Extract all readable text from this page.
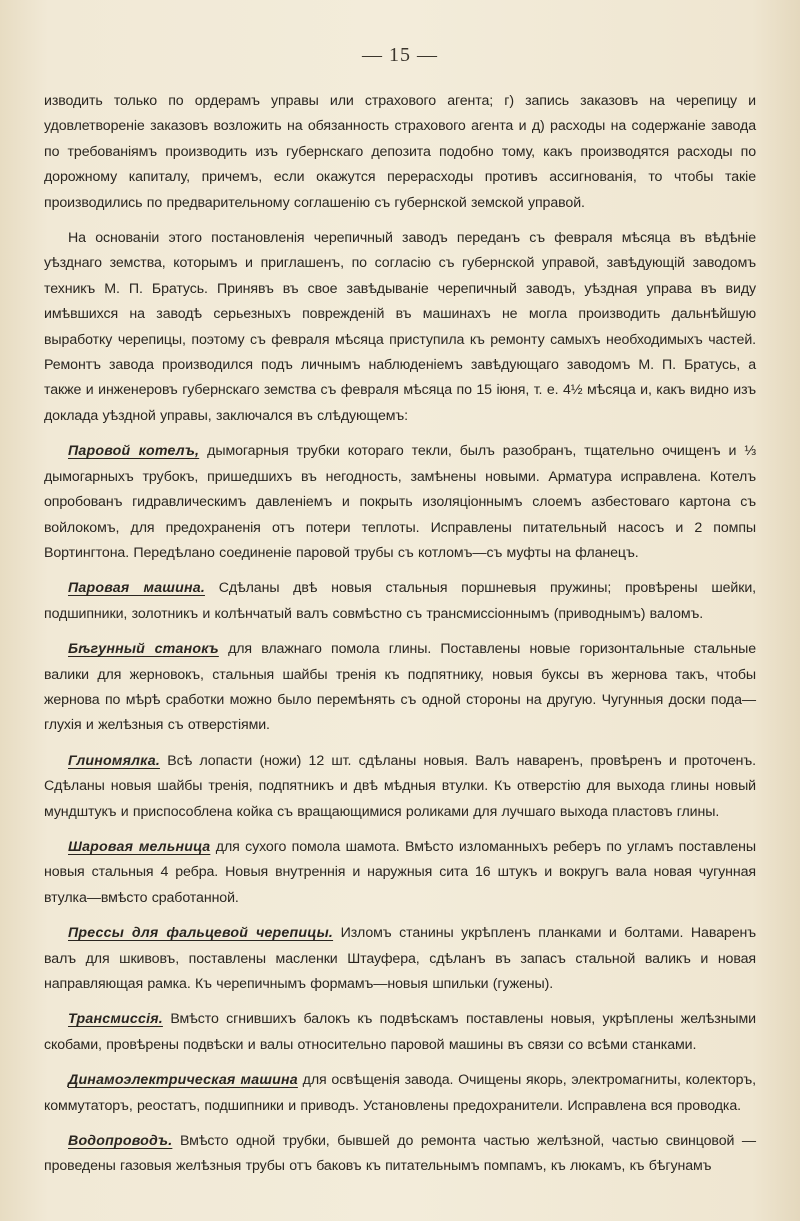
— 15 —

изводить только по ордерамъ управы или страхового агента; г) запись заказовъ на черепицу и удовлетвореніе заказовъ возложить на обязанность страхового агента и д) расходы на содержаніе завода по требованіямъ производить изъ губернскаго депозита подобно тому, какъ производятся расходы по дорожному капиталу, причемъ, если окажутся перерасходы противъ ассигнованія, то чтобы такіе производились по предварительному соглашенію съ губернской земской управой.

На основаніи этого постановленія черепичный заводъ переданъ съ февраля мѣсяца въ вѣдѣніе уѣзднаго земства, которымъ и приглашенъ, по согласію съ губернской управой, завѣдующій заводомъ техникъ М. П. Братусь. Принявъ въ свое завѣдываніе черепичный заводъ, уѣздная управа въ виду имѣвшихся на заводѣ серьезныхъ поврежденій въ машинахъ не могла производить дальнѣйшую выработку черепицы, поэтому съ февраля мѣсяца приступила къ ремонту самыхъ необходимыхъ частей. Ремонтъ завода производился подъ личнымъ наблюденіемъ завѣдующаго заводомъ М. П. Братусь, а также и инженеровъ губернскаго земства съ февраля мѣсяца по 15 іюня, т. е. 4½ мѣсяца и, какъ видно изъ доклада уѣздной управы, заключался въ слѣдующемъ:

Паровой котелъ, дымогарныя трубки котораго текли, былъ разобранъ, тщательно очищенъ и ⅓ дымогарныхъ трубокъ, пришедшихъ въ негодность, замѣнены новыми. Арматура исправлена. Котелъ опробованъ гидравлическимъ давленіемъ и покрыть изоляціоннымъ слоемъ азбестоваго картона съ войлокомъ, для предохраненія отъ потери теплоты. Исправлены питательный насосъ и 2 помпы Вортингтона. Передѣлано соединеніе паровой трубы съ котломъ—съ муфты на фланецъ.

Паровая машина. Сдѣланы двѣ новыя стальныя поршневыя пружины; провѣрены шейки, подшипники, золотникъ и колѣнчатый валъ совмѣстно съ трансмиссіоннымъ (приводнымъ) валомъ.

Бѣгунный станокъ для влажнаго помола глины. Поставлены новые горизонтальные стальные валики для жерновокъ, стальныя шайбы тренія къ подпятнику, новыя буксы въ жернова такъ, чтобы жернова по мѣрѣ сработки можно было перемѣнять съ одной стороны на другую. Чугунныя доски пода— глухія и желѣзныя съ отверстіями.

Глиномялка. Всѣ лопасти (ножи) 12 шт. сдѣланы новыя. Валъ наваренъ, провѣренъ и проточенъ. Сдѣланы новыя шайбы тренія, подпятникъ и двѣ мѣдныя втулки. Къ отверстію для выхода глины новый мундштукъ и приспособлена койка съ вращающимися роликами для лучшаго выхода пластовъ глины.

Шаровая мельница для сухого помола шамота. Вмѣсто изломанныхъ реберъ по угламъ поставлены новыя стальныя 4 ребра. Новыя внутреннія и наружныя сита 16 штукъ и вокругъ вала новая чугунная втулка—вмѣсто сработанной.

Прессы для фальцевой черепицы. Изломъ станины укрѣпленъ планками и болтами. Наваренъ валъ для шкивовъ, поставлены масленки Штауфера, сдѣланъ въ запасъ стальной валикъ и новая направляющая рамка. Къ черепичнымъ формамъ—новыя шпильки (гужены).

Трансмиссія. Вмѣсто сгнившихъ балокъ къ подвѣскамъ поставлены новыя, укрѣплены желѣзными скобами, провѣрены подвѣски и валы относительно паровой машины въ связи со всѣми станками.

Динамоэлектрическая машина для освѣщенія завода. Очищены якорь, электромагниты, колекторъ, коммутаторъ, реостатъ, подшипники и приводъ. Установлены предохранители. Исправлена вся проводка.

Водопроводъ. Вмѣсто одной трубки, бывшей до ремонта частью желѣзной, частью свинцовой — проведены газовыя желѣзныя трубы отъ баковъ къ питательнымъ помпамъ, къ люкамъ, къ бѣгунамъ
